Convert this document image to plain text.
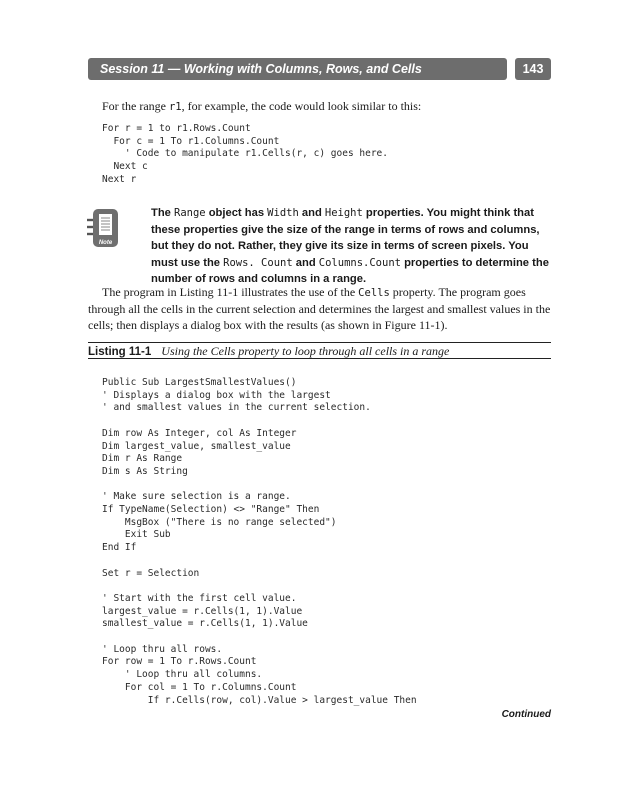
Session 11 — Working with Columns, Rows, and Cells	143

For the range r1, for example, the code would look similar to this:

For r = 1 to r1.Rows.Count
For c = 1 To r1.Columns.Count
' Code to manipulate r1.Cells(r, c) goes here.
Next c
Next r
Note
The Range object has Width and Height properties. You might think that these properties give the size of the range in terms of rows and columns, but they do not. Rather, they give its size in terms of screen pixels. You must use the Rows. Count and Columns.Count properties to determine the number of rows and columns in a range.

The program in Listing 11-1 illustrates the use of the Cells property. The program goes through all the cells in the current selection and determines the largest and smallest values in the cells; then displays a dialog box with the results (as shown in Figure 11-1).

Listing 11-1 Using the Cells property to loop through all cells in a range
Public Sub LargestSmallestValues()
' Displays a dialog box with the largest
' and smallest values in the current selection.

Dim row As Integer, col As Integer
Dim largest_value, smallest_value
Dim r As Range
Dim s As String

' Make sure selection is a range.
If TypeName(Selection) <> "Range" Then
MsgBox ("There is no range selected")
Exit Sub
End If

Set r = Selection

' Start with the first cell value.
largest_value = r.Cells(1, 1).Value
smallest_value = r.Cells(1, 1).Value

' Loop thru all rows.
For row = 1 To r.Rows.Count
' Loop thru all columns.
For col = 1 To r.Columns.Count
If r.Cells(row, col).Value > largest_value Then
Continued
